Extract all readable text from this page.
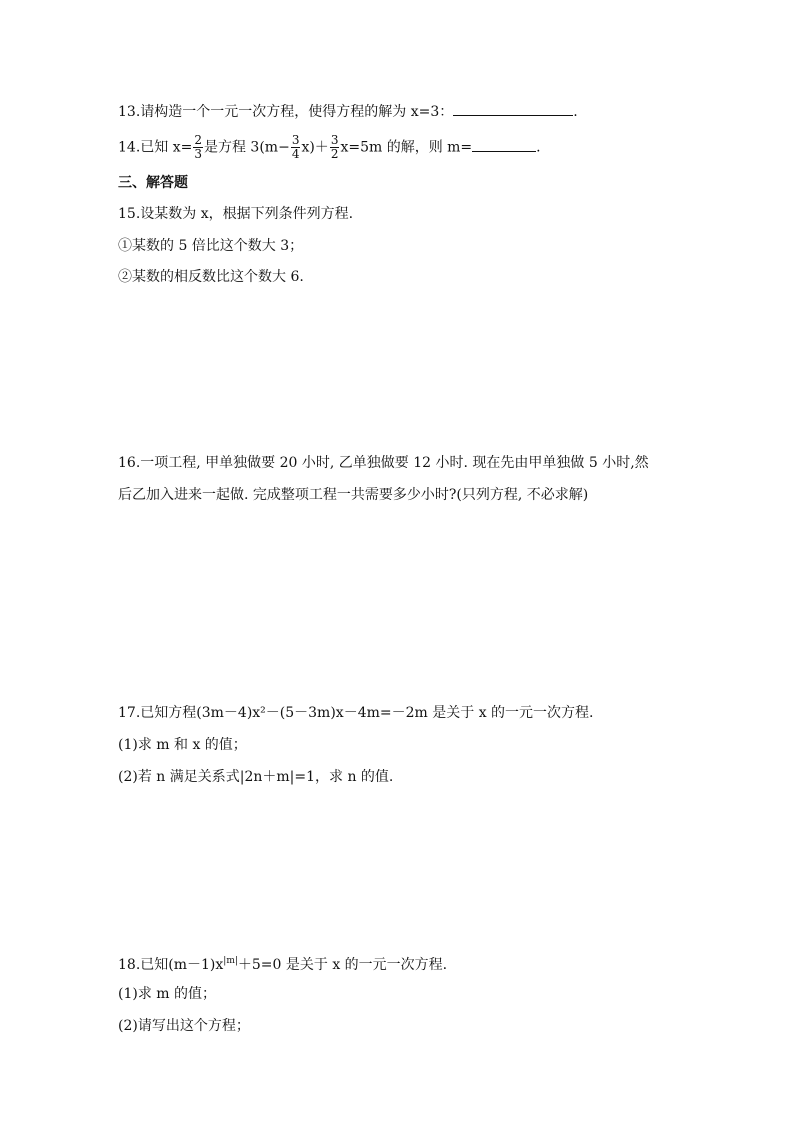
13.请构造一个一元一次方程，使得方程的解为 x=3：	.
14.已知 $x= \frac{2}{3}$ 是方程 $3(m- \frac{3}{4} x)+ \frac{3}{2} x=5m$ 的解，则 m=	.
三、解答题
15.设某数为 x，根据下列条件列方程.
①某数的 5 倍比这个数大 3；
②某数的相反数比这个数大 6.
16.一项工程, 甲单独做要 20 小时, 乙单独做要 12 小时. 现在先由甲单独做 5 小时,然
后乙加入进来一起做. 完成整项工程一共需要多少小时?(只列方程, 不必求解)
17.已知方程(3m－4)x²－(5－3m)x－4m=－2m 是关于 x 的一元一次方程.
(1)求 m 和 x 的值；
(2)若 n 满足关系式|2n＋m|=1，求 n 的值.
18.已知$(m-1)x^{|m|}+5=0$ 是关于 x 的一元一次方程.
(1)求 m 的值；
(2)请写出这个方程；
